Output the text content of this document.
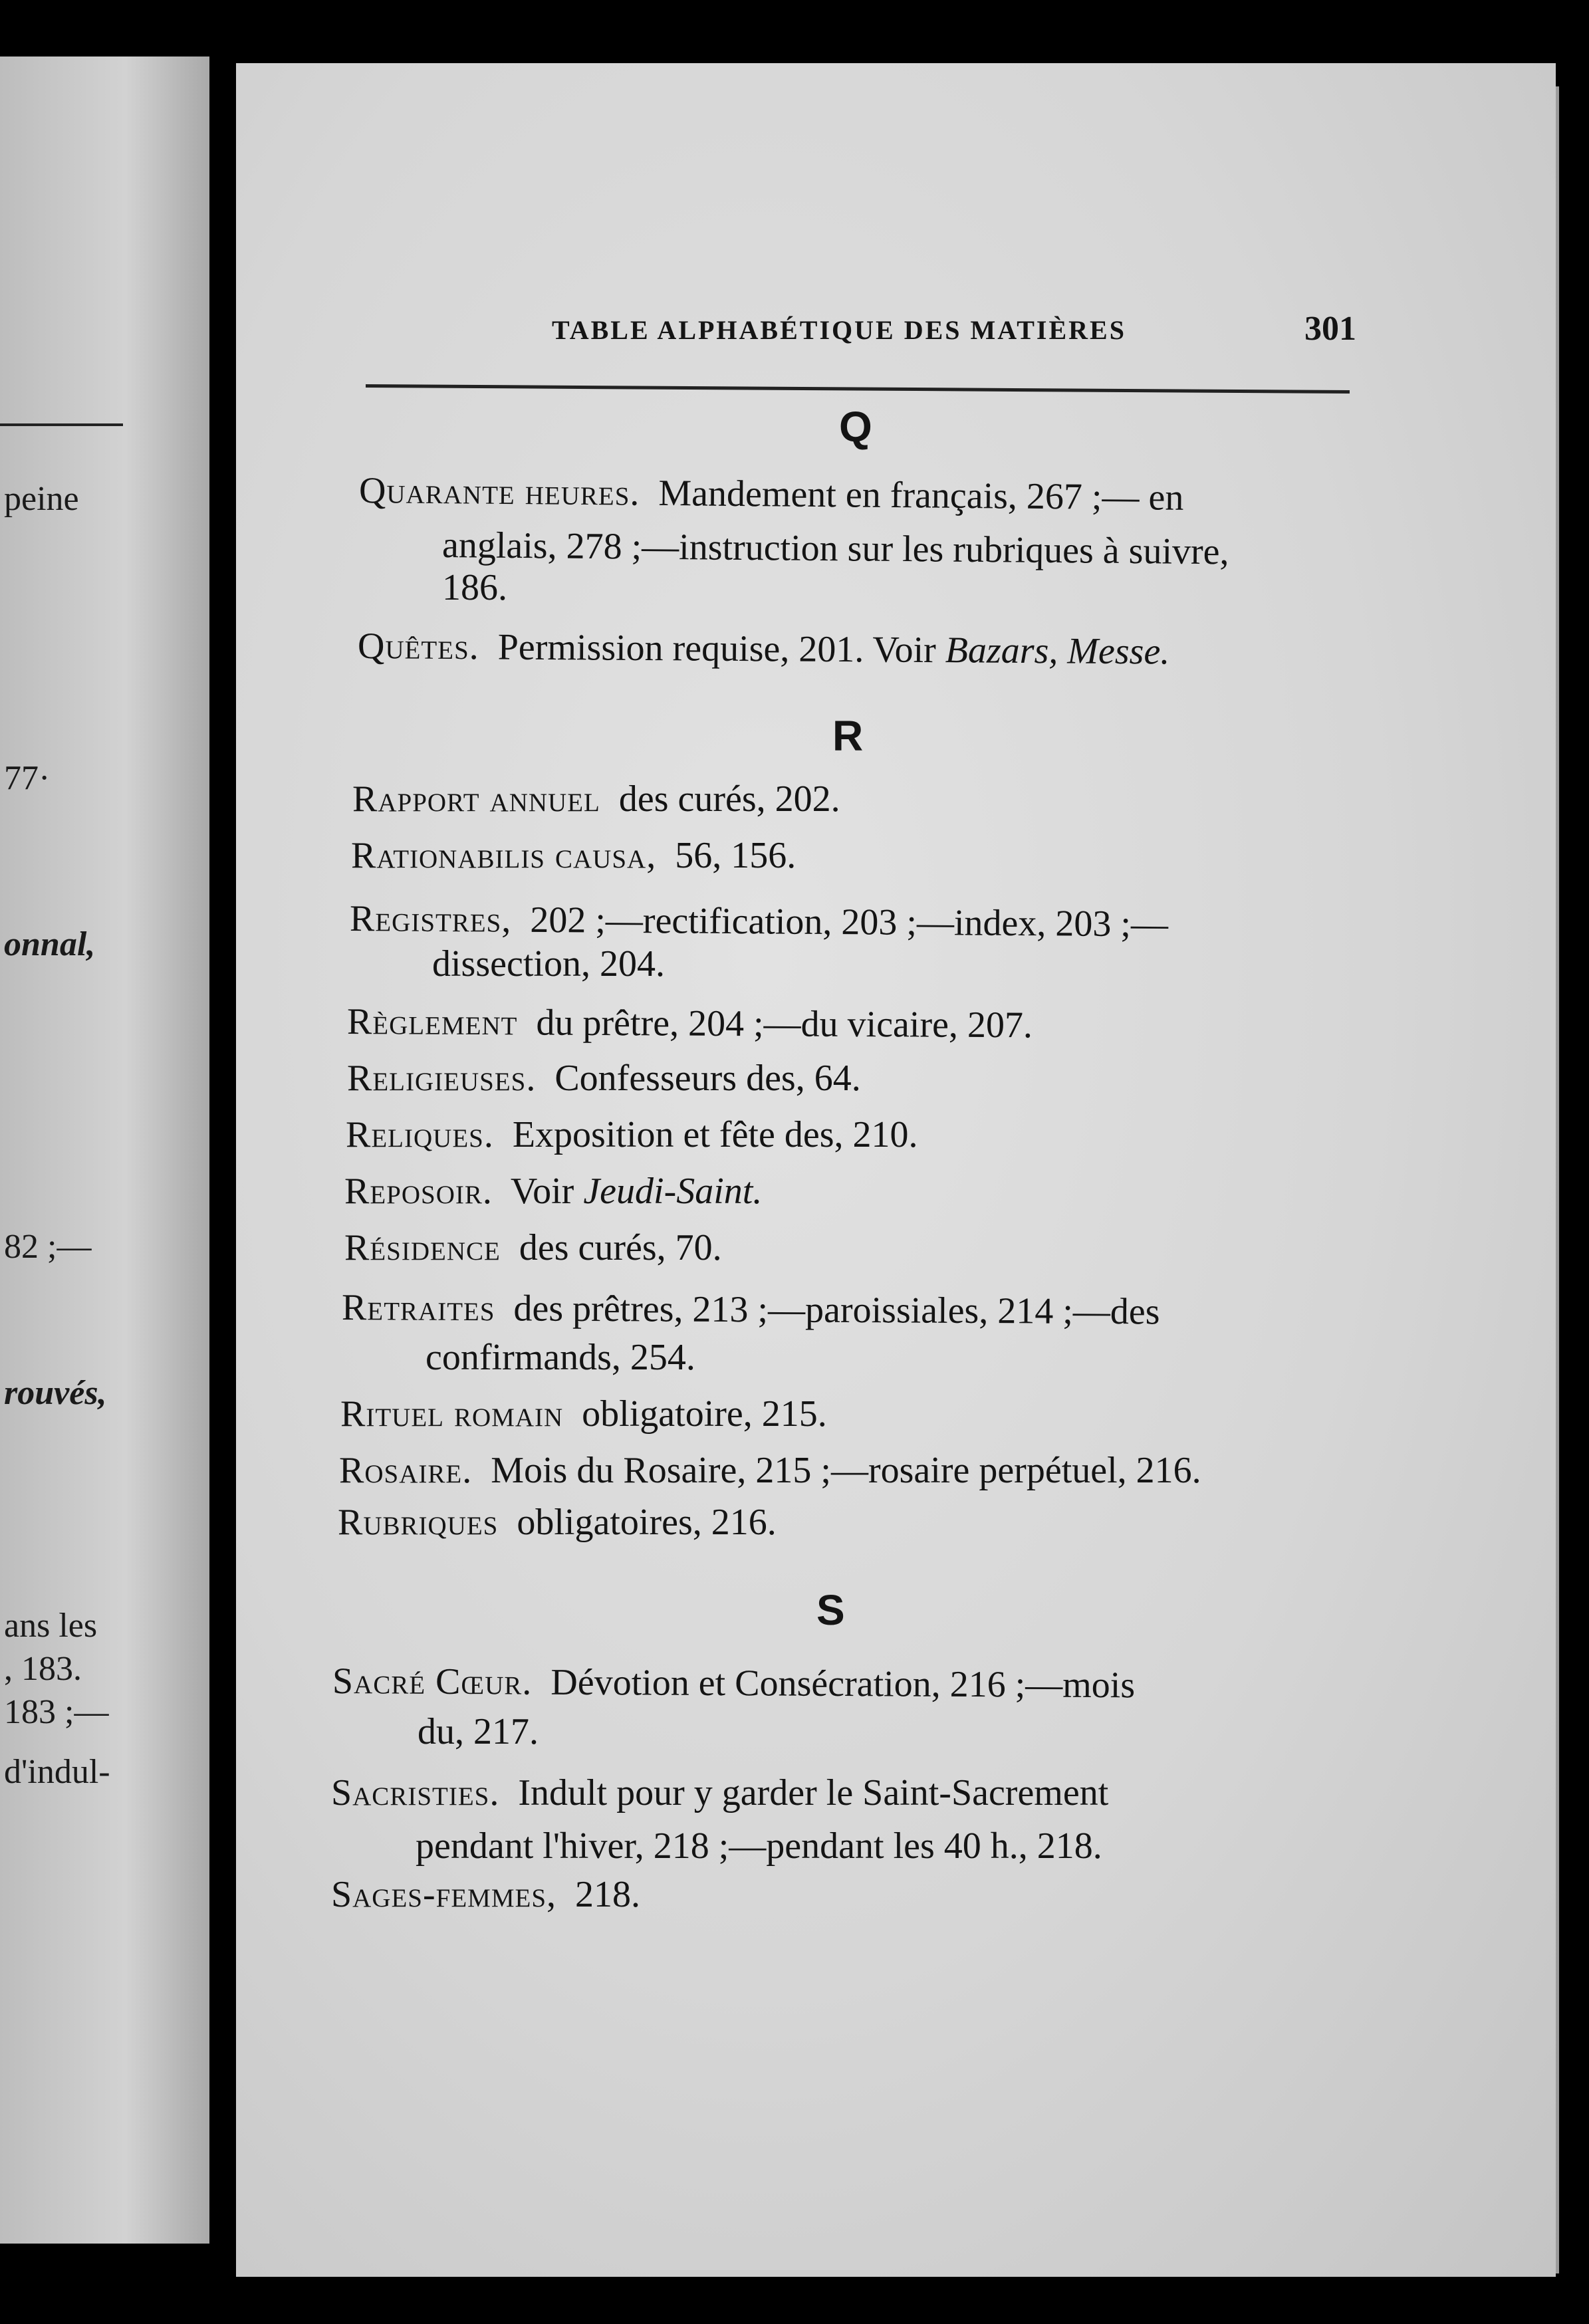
peine
77·
onnal,
82 ;—
rouvés,
ans les
, 183.
183 ;—
d'indul-
TABLE ALPHABÉTIQUE DES MATIÈRES	301
Q
Quarante heures. Mandement en français, 267 ;— en
anglais, 278 ;—instruction sur les rubriques à suivre,
186.
Quêtes. Permission requise, 201. Voir Bazars, Messe.
R
Rapport annuel des curés, 202.
Rationabilis causa, 56, 156.
Registres, 202 ;—rectification, 203 ;—index, 203 ;—
dissection, 204.
Règlement du prêtre, 204 ;—du vicaire, 207.
Religieuses. Confesseurs des, 64.
Reliques. Exposition et fête des, 210.
Reposoir. Voir Jeudi-Saint.
Résidence des curés, 70.
Retraites des prêtres, 213 ;—paroissiales, 214 ;—des
confirmands, 254.
Rituel romain obligatoire, 215.
Rosaire. Mois du Rosaire, 215 ;—rosaire perpétuel, 216.
Rubriques obligatoires, 216.
S
Sacré Cœur. Dévotion et Consécration, 216 ;—mois
du, 217.
Sacristies. Indult pour y garder le Saint-Sacrement
pendant l'hiver, 218 ;—pendant les 40 h., 218.
Sages-femmes, 218.
